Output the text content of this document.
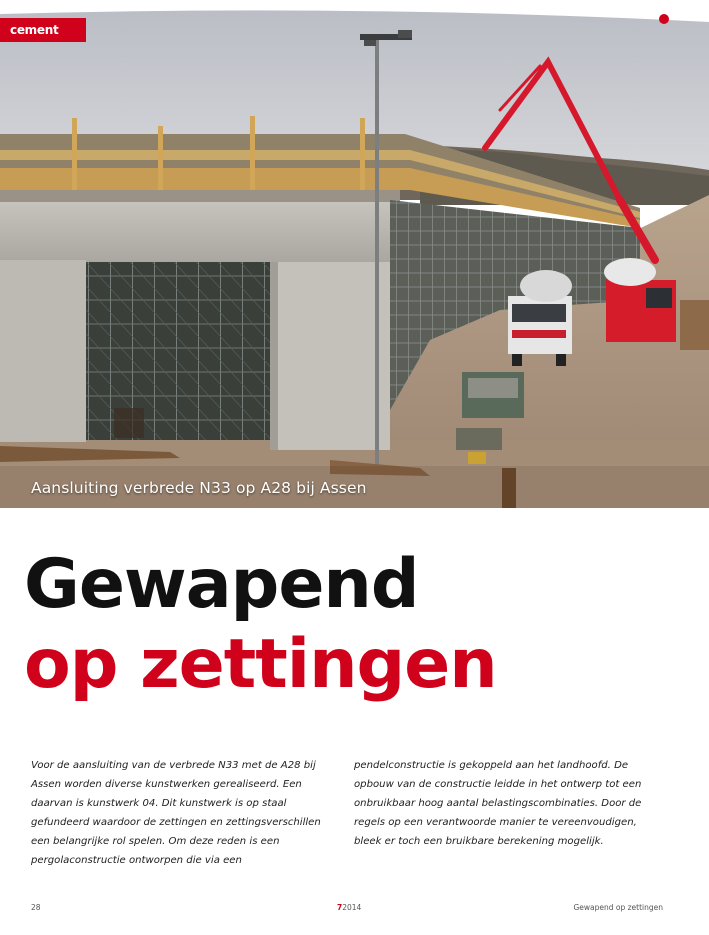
cement
Aansluiting verbrede N33 op A28 bij Assen
Gewapend
op zettingen

Voor de aansluiting van de verbrede N33 met de A28 bij Assen worden diverse kunstwerken gerealiseerd. Een daarvan is kunstwerk 04. Dit kunstwerk is op staal gefundeerd waardoor de zettingen en zettingsverschillen een belangrijke rol spelen. Om deze reden is een pergolaconstructie ontworpen die via een

pendelconstructie is gekoppeld aan het landhoofd. De opbouw van de constructie leidde in het ontwerp tot een onbruikbaar hoog aantal belastingscombinaties. Door de regels op een verantwoorde manier te vereenvoudigen, bleek er toch een bruikbare berekening mogelijk.

28	72014	Gewapend op zettingen
